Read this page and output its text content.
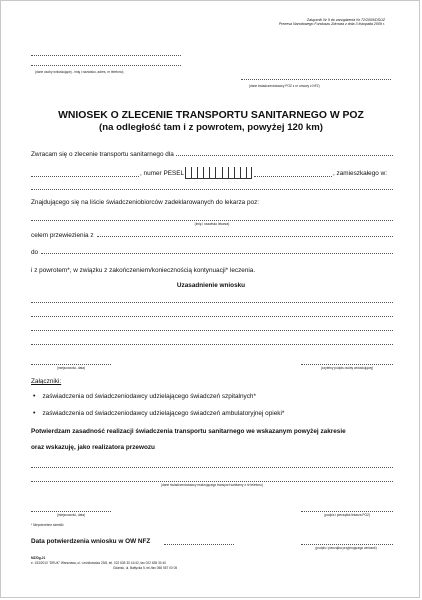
Załącznik Nr 9 do zarządzenia Nr 72/2009/DSOZ
Prezesa Narodowego Funduszu Zdrowia z dnia 3 listopada 2009 r.
(dane osoby wnioskującej - imię i nazwisko, adres, nr telefonu)
(dane świadczeniodawcy POZ z nr umowy z NFZ)
WNIOSEK O ZLECENIE TRANSPORTU SANITARNEGO W POZ
(na odległość tam i z powrotem, powyżej 120 km)
Zwracam się o zlecenie transportu sanitarnego dla
, numer PESEL	, zamieszkałego w:
Znajdującego się na liście świadczeniobiorców zadeklarowanych do lekarza poz:
(imię i nazwisko lekarza)
celem przewiezienia z
do
i z powrotem*, w związku z zakończeniem/koniecznością kontynuacji* leczenia.
Uzasadnienie wniosku
(miejscowość, data)	(czytelny podpis osoby wnioskującej)
Załączniki:
• zaświadczenia od świadczeniodawcy udzielającego świadczeń szpitalnych*
• zaświadczenia od świadczeniodawcy udzielającego świadczeń ambulatoryjnej opieki*
Potwierdzam zasadność realizacji świadczenia transportu sanitarnego we wskazanym powyżej zakresie
oraz wskazuję, jako realizatora przewozu
(dane świadczeniodawcy realizującego transport sanitarny z nr telefonu)
(miejscowość, data)	(podpis i pieczątka lekarza POZ)
* Niepotrzebne skreślić
Data potwierdzenia wniosku w OW NFZ
(podpis i pieczątka przyjmującego wniosek)
MZ/Dg-21
e. 153/2010 "DRUK" Warszawa, ul. Leśnikowska 23/8, tel. 022 635 30 41/42, fax 022 635 30 40
Gdańsk, ul. Bałtycka 5, tel./fax 058 557 00 05
